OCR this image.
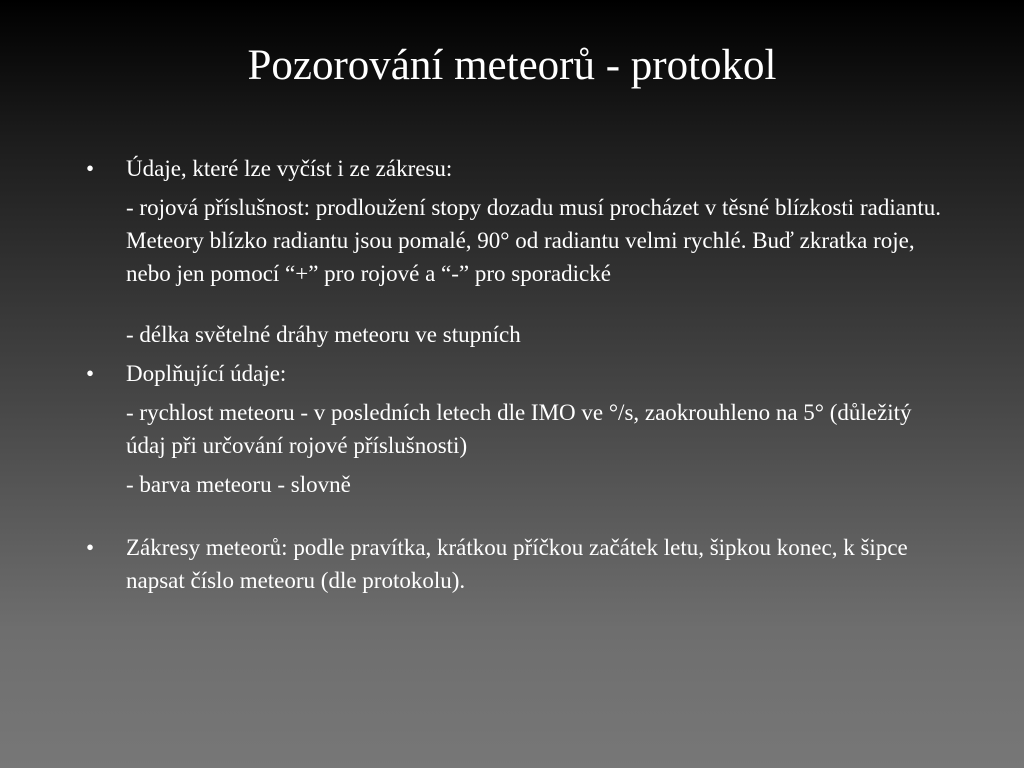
Pozorování meteorů - protokol
• Údaje, které lze vyčíst i ze zákresu:
- rojová příslušnost: prodloužení stopy dozadu musí procházet v těsné blízkosti radiantu. Meteory blízko radiantu jsou pomalé, 90° od radiantu velmi rychlé. Buď zkratka roje, nebo jen pomocí “+” pro rojové a “-” pro sporadické
- délka světelné dráhy meteoru ve stupních
• Doplňující údaje:
- rychlost meteoru - v posledních letech dle IMO ve °/s, zaokrouhleno na 5° (důležitý údaj při určování rojové příslušnosti)
- barva meteoru - slovně
• Zákresy meteorů: podle pravítka, krátkou příčkou začátek letu, šipkou konec, k šipce napsat číslo meteoru (dle protokolu).
